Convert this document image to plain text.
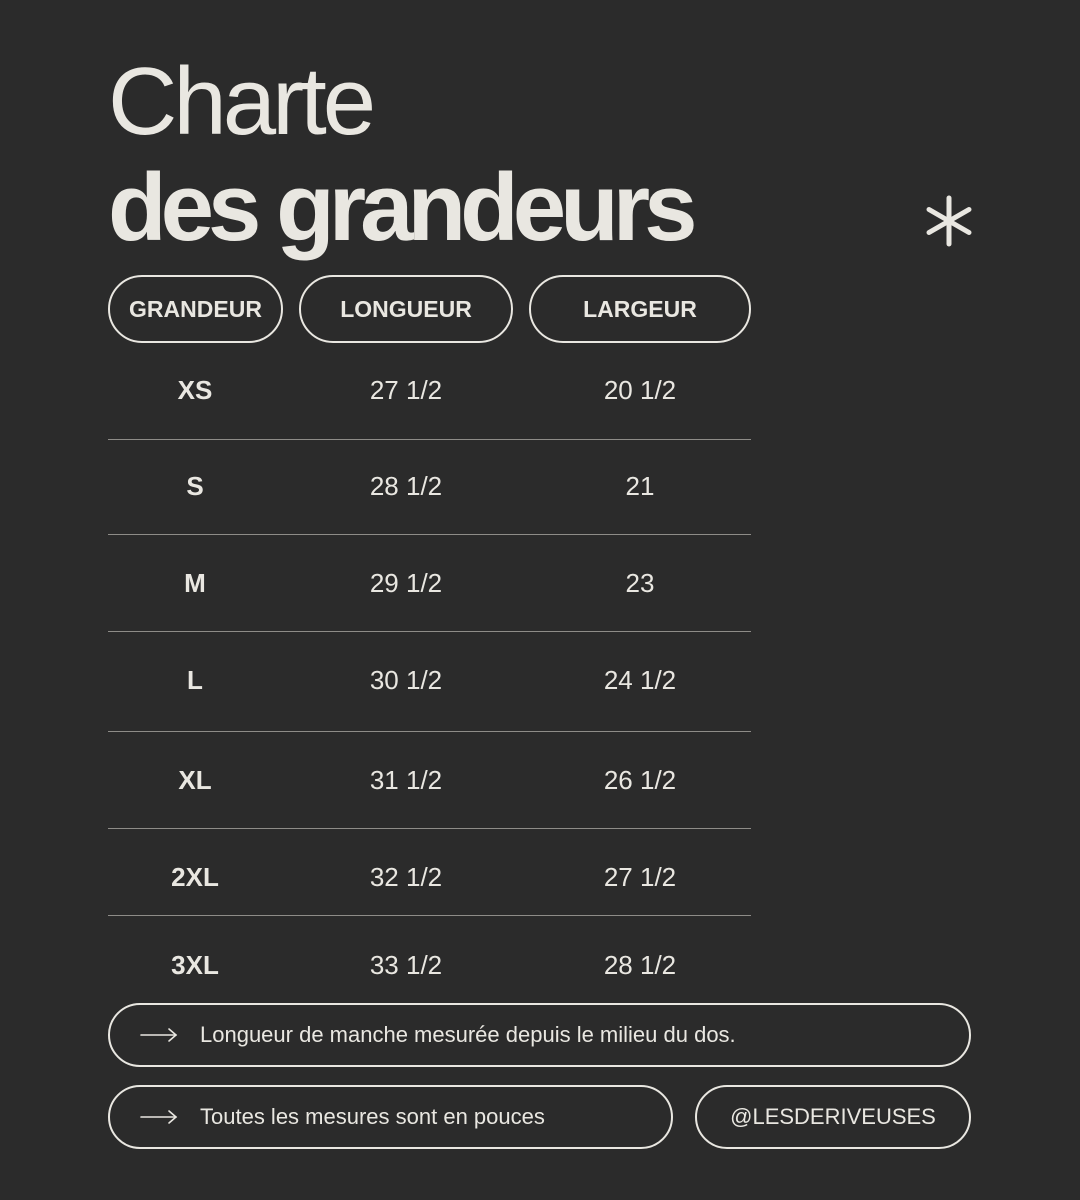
Charte
des grandeurs
GRANDEUR	LONGUEUR	LARGEUR
XS	27 1/2	20 1/2
S	28 1/2	21
M	29 1/2	23
L	30 1/2	24 1/2
XL	31 1/2	26 1/2
2XL	32 1/2	27 1/2
3XL	33 1/2	28 1/2
Longueur de manche mesurée depuis le milieu du dos.
Toutes les mesures sont en pouces	@LESDERIVEUSES
